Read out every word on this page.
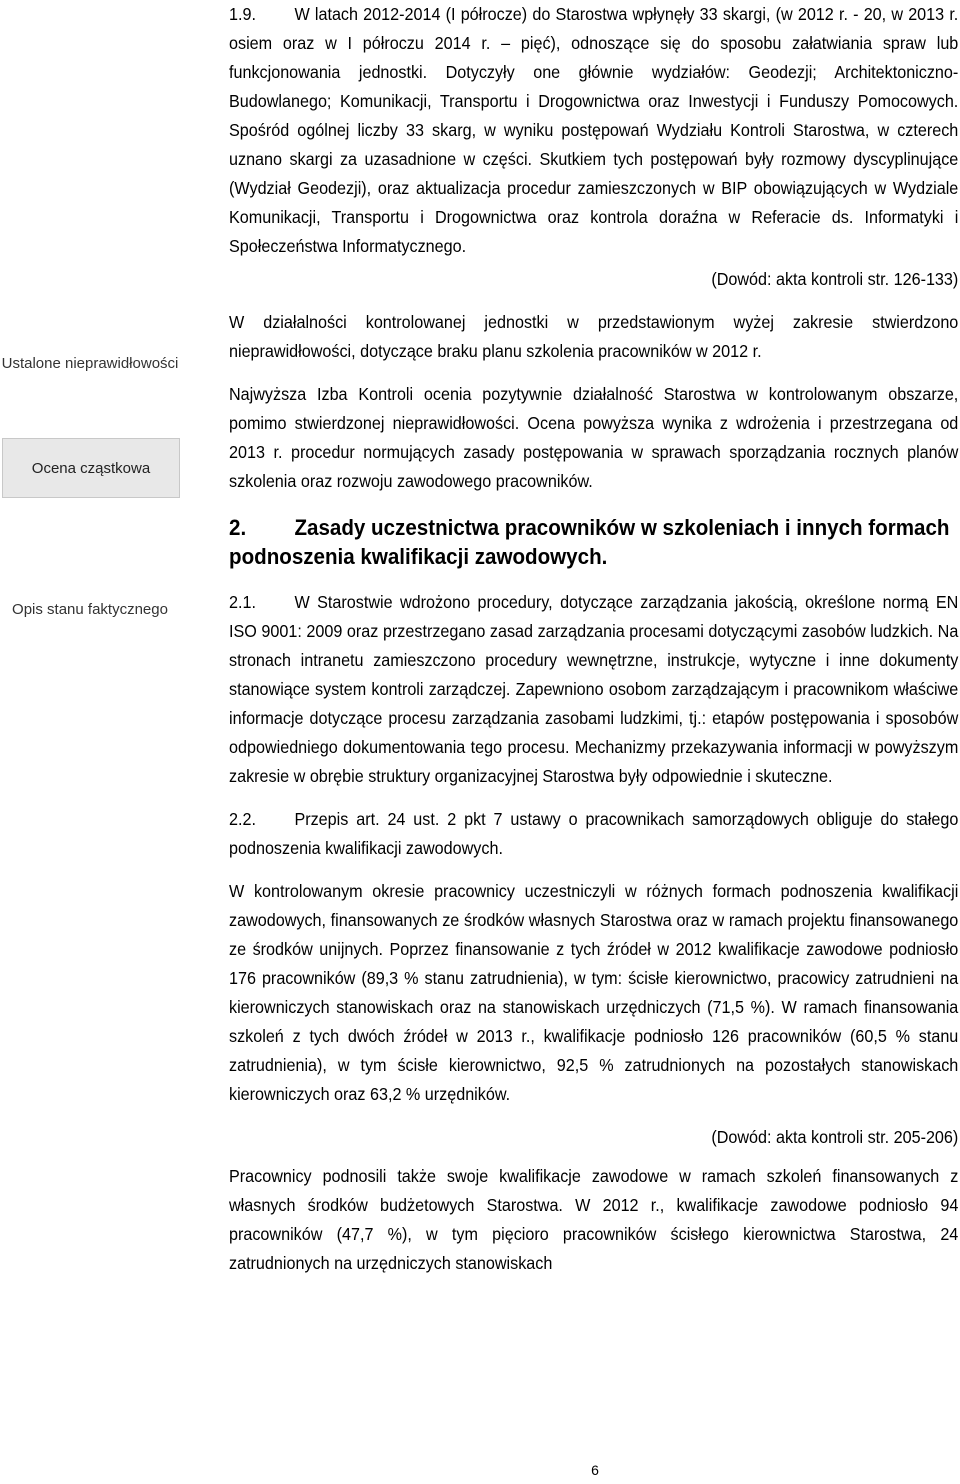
Ustalone nieprawidłowości
Ocena cząstkowa
Opis stanu faktycznego

1.9. W latach 2012-2014 (I półrocze) do Starostwa wpłynęły 33 skargi, (w 2012 r. - 20, w 2013 r. osiem oraz w I półroczu 2014 r. – pięć), odnoszące się do sposobu załatwiania spraw lub funkcjonowania jednostki. Dotyczyły one głównie wydziałów: Geodezji; Architektoniczno-Budowlanego; Komunikacji, Transportu i Drogownictwa oraz Inwestycji i Funduszy Pomocowych. Spośród ogólnej liczby 33 skarg, w wyniku postępowań Wydziału Kontroli Starostwa, w czterech uznano skargi za uzasadnione w części. Skutkiem tych postępowań były rozmowy dyscyplinujące (Wydział Geodezji), oraz aktualizacja procedur zamieszczonych w BIP obowiązujących w Wydziale Komunikacji, Transportu i Drogownictwa oraz kontrola doraźna w Referacie ds. Informatyki i Społeczeństwa Informatycznego.

(Dowód: akta kontroli str. 126-133)

W działalności kontrolowanej jednostki w przedstawionym wyżej zakresie stwierdzono nieprawidłowości, dotyczące braku planu szkolenia pracowników w 2012 r.

Najwyższa Izba Kontroli ocenia pozytywnie działalność Starostwa w kontrolowanym obszarze, pomimo stwierdzonej nieprawidłowości. Ocena powyższa wynika z wdrożenia i przestrzegana od 2013 r. procedur normujących zasady postępowania w sprawach sporządzania rocznych planów szkolenia oraz rozwoju zawodowego pracowników.

2. Zasady uczestnictwa pracowników w szkoleniach i innych formach podnoszenia kwalifikacji zawodowych.

2.1. W Starostwie wdrożono procedury, dotyczące zarządzania jakością, określone normą EN ISO 9001: 2009 oraz przestrzegano zasad zarządzania procesami dotyczącymi zasobów ludzkich. Na stronach intranetu zamieszczono procedury wewnętrzne, instrukcje, wytyczne i inne dokumenty stanowiące system kontroli zarządczej. Zapewniono osobom zarządzającym i pracownikom właściwe informacje dotyczące procesu zarządzania zasobami ludzkimi, tj.: etapów postępowania i sposobów odpowiedniego dokumentowania tego procesu. Mechanizmy przekazywania informacji w powyższym zakresie w obrębie struktury organizacyjnej Starostwa były odpowiednie i skuteczne.

2.2. Przepis art. 24 ust. 2 pkt 7 ustawy o pracownikach samorządowych obliguje do stałego podnoszenia kwalifikacji zawodowych.

W kontrolowanym okresie pracownicy uczestniczyli w różnych formach podnoszenia kwalifikacji zawodowych, finansowanych ze środków własnych Starostwa oraz w ramach projektu finansowanego ze środków unijnych. Poprzez finansowanie z tych źródeł w 2012 kwalifikacje zawodowe podniosło 176 pracowników (89,3 % stanu zatrudnienia), w tym: ścisłe kierownictwo, pracowicy zatrudnieni na kierowniczych stanowiskach oraz na stanowiskach urzędniczych (71,5 %). W ramach finansowania szkoleń z tych dwóch źródeł w 2013 r., kwalifikacje podniosło 126 pracowników (60,5 % stanu zatrudnienia), w tym ścisłe kierownictwo, 92,5 % zatrudnionych na pozostałych stanowiskach kierowniczych oraz 63,2 % urzędników.

(Dowód: akta kontroli str. 205-206)

Pracownicy podnosili także swoje kwalifikacje zawodowe w ramach szkoleń finansowanych z własnych środków budżetowych Starostwa. W 2012 r., kwalifikacje zawodowe podniosło 94 pracowników (47,7 %), w tym pięcioro pracowników ścisłego kierownictwa Starostwa, 24 zatrudnionych na urzędniczych stanowiskach

6
